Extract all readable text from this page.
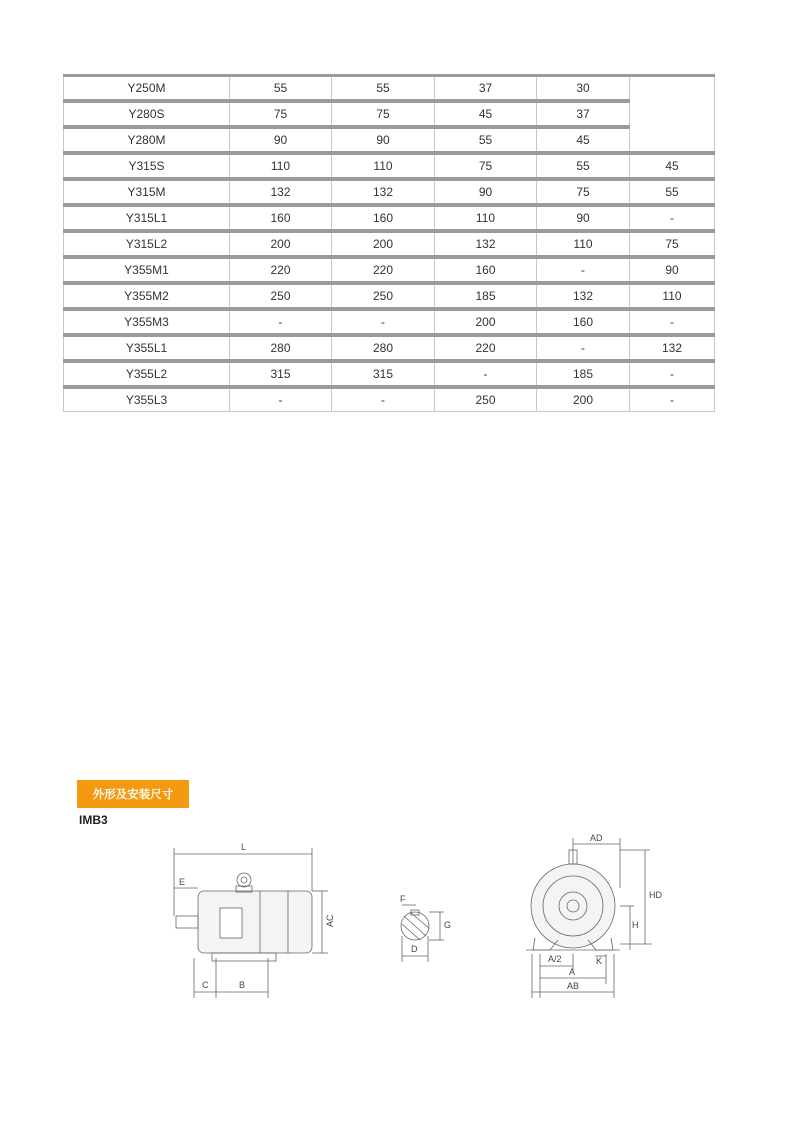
Y250M	55	55	37	30	
Y280S	75	75	45	37	
Y280M	90	90	55	45	
Y315S	110	110	75	55	45
Y315M	132	132	90	75	55
Y315L1	160	160	110	90	-
Y315L2	200	200	132	110	75
Y355M1	220	220	160	-	90
Y355M2	250	250	185	132	110
Y355M3	-	-	200	160	-
Y355L1	280	280	220	-	132
Y355L2	315	315	-	185	-
Y355L3	-	-	250	200	-
外形及安装尺寸
IMB3
L
E
AC
C	B
F
G
D
AD
HD
H
A/2	K
A
AB
